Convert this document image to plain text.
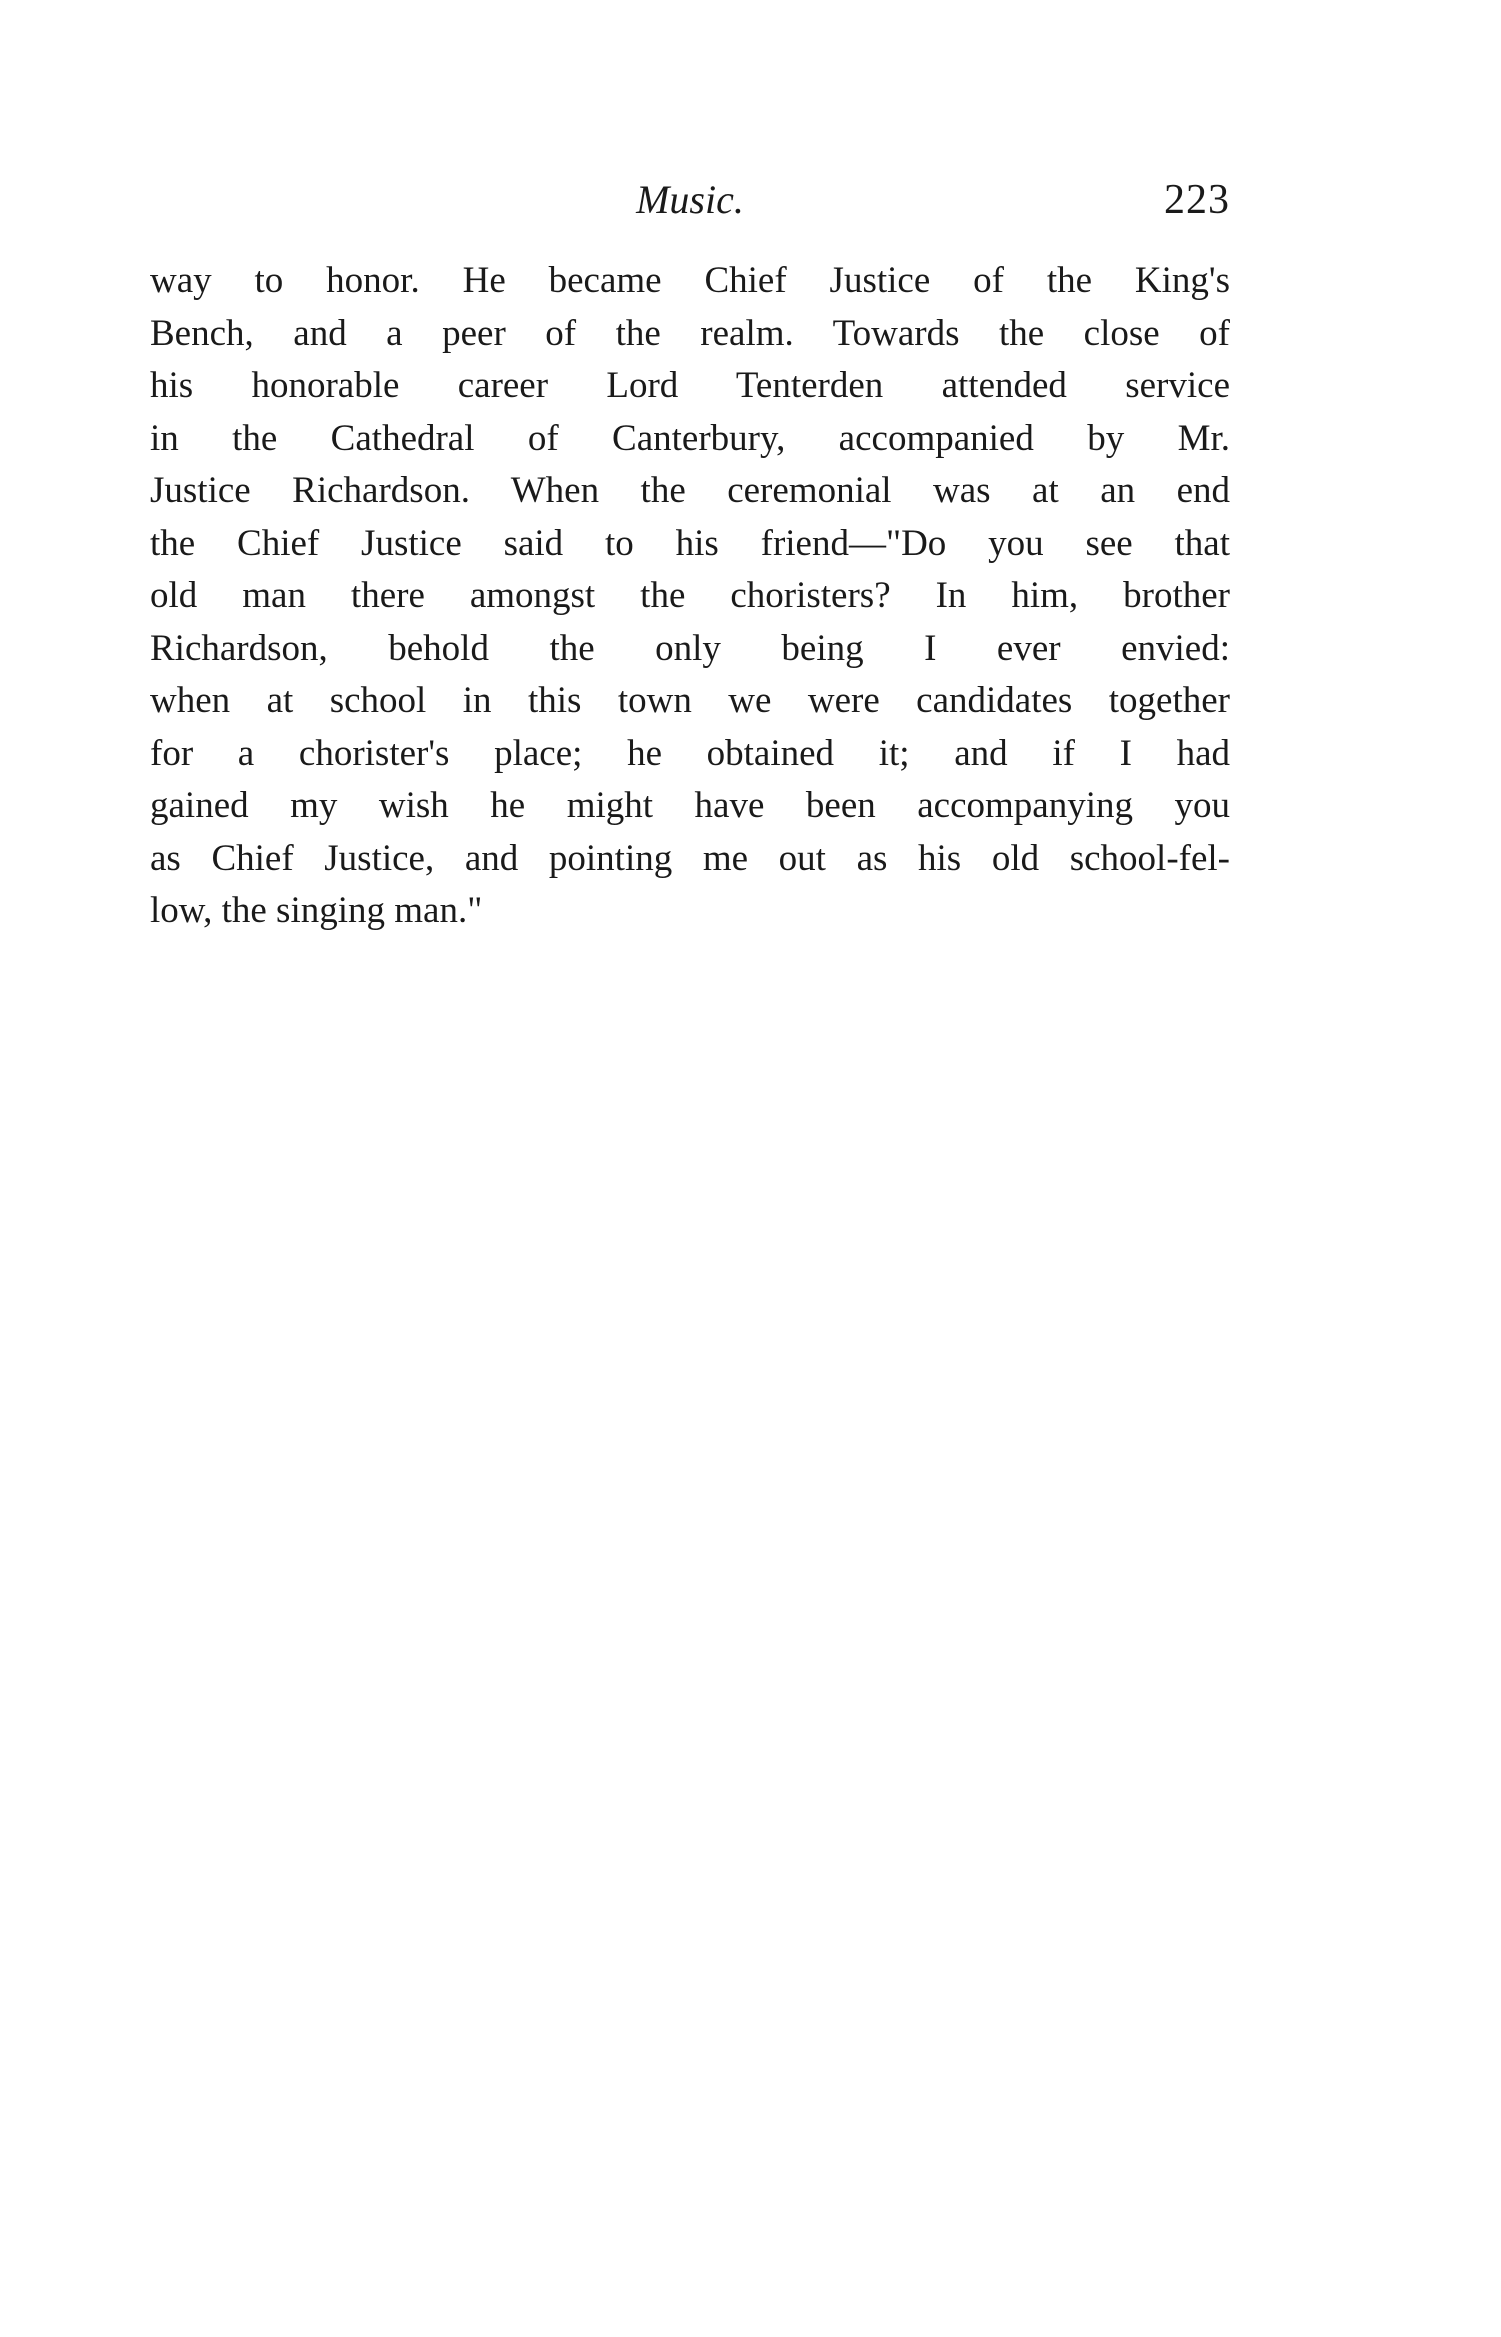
Music.	223
way to honor. He became Chief Justice of the King's
Bench, and a peer of the realm. Towards the close of
his honorable career Lord Tenterden attended service
in the Cathedral of Canterbury, accompanied by Mr.
Justice Richardson. When the ceremonial was at an end
the Chief Justice said to his friend—"Do you see that
old man there amongst the choristers? In him, brother
Richardson, behold the only being I ever envied:
when at school in this town we were candidates together
for a chorister's place; he obtained it; and if I had
gained my wish he might have been accompanying you
as Chief Justice, and pointing me out as his old school-fel-
low, the singing man."
